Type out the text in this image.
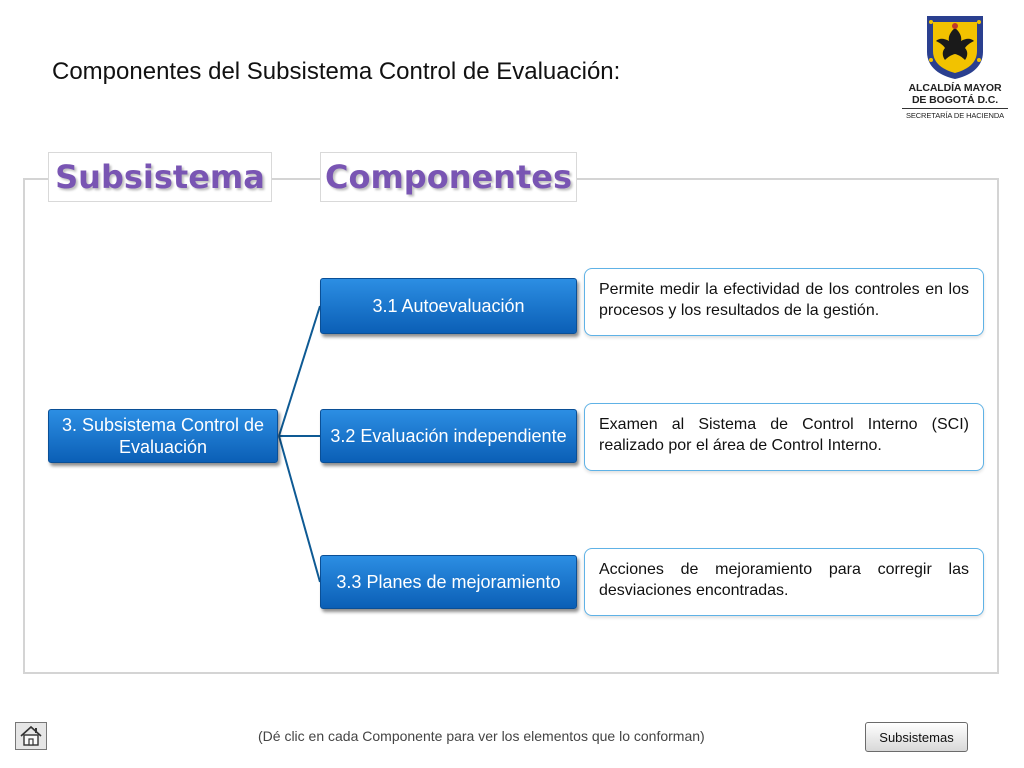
Componentes del Subsistema Control de Evaluación:
ALCALDÍA MAYOR
DE BOGOTÁ D.C.
SECRETARÍA DE HACIENDA
Subsistema Componentes
3. Subsistema Control de Evaluación
3.1 Autoevaluación
3.2 Evaluación independiente
3.3 Planes de mejoramiento
Permite medir la efectividad de los controles en los procesos y los resultados de la gestión.
Examen al Sistema de Control Interno (SCI) realizado por el área de Control Interno.
Acciones de mejoramiento para corregir las desviaciones encontradas.
(Dé clic en cada Componente para ver los elementos que lo conforman)	Subsistemas
